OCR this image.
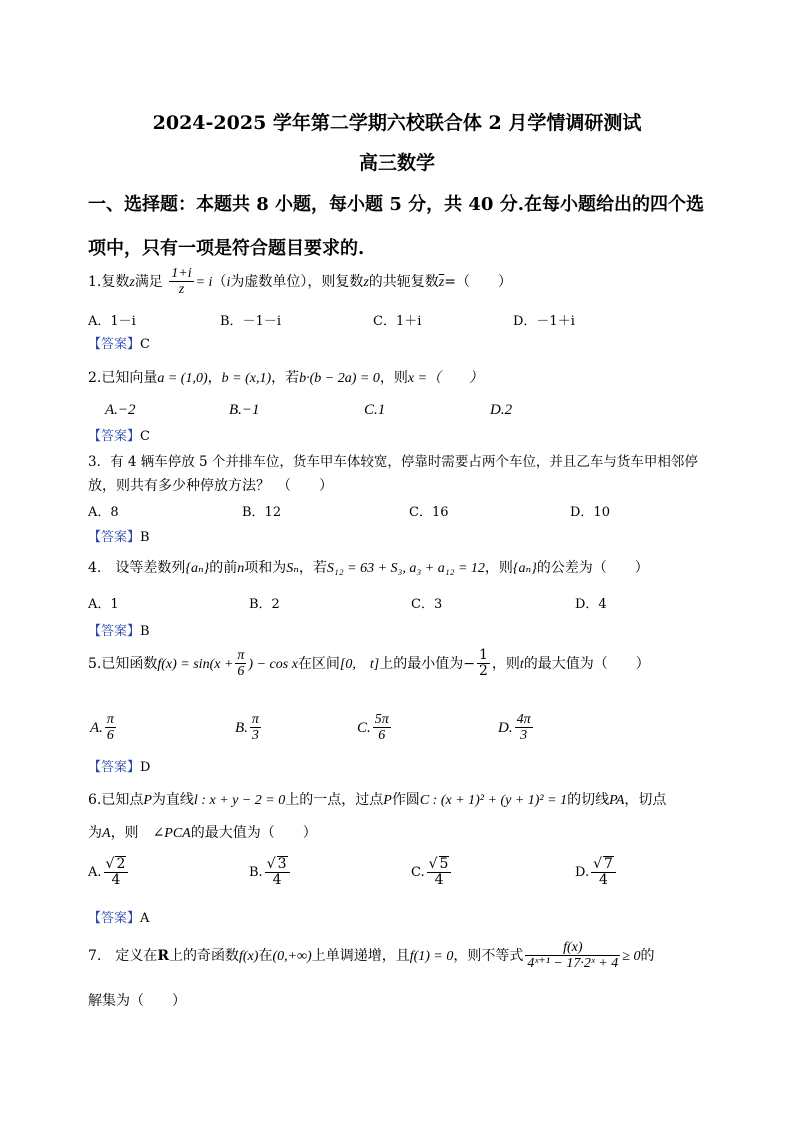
2024-2025 学年第二学期六校联合体 2 月学情调研测试
高三数学
一、选择题：本题共 8 小题，每小题 5 分，共 40 分.在每小题给出的四个选
项中，只有一项是符合题目要求的.
1.复数z满足 $\frac{1+i}{z} = i(i$为虚数单位），则复数z的共轭复数$\overline{z}=$（　　）
A．1－i	B．－1－i	C．1＋i	D．－1＋i
【答案】C
2.已知向量a = (1,0)，b = (x,1)，若b·(b − 2a) = 0，则x =（　　）
A.−2	B.−1	C.1	D.2
【答案】C
3．有 4 辆车停放 5 个并排车位，货车甲车体较宽，停靠时需要占两个车位，并且乙车与货车甲相邻停
放，则共有多少种停放方法？　（　　）
A．8	B．12	C．16	D．10
【答案】B
4.　设等差数列{aₙ}的前n项和为Sₙ，若S₁₂ = 63 + S₃, a₃ + a₁₂ = 12，则{aₙ}的公差为（　　）
A．1	B．2	C．3	D．4
【答案】B
5.已知函数$f(x) = \sin(x + \frac{\pi}{6}$ ) − cos x在区间[0,　t]上的最小值为− $\frac{1}{2}$ ，则t的最大值为（　　）
A. $\frac{\pi}{6}$	B. $\frac{\pi}{3}$	C. $\frac{5\pi}{6}$	D. $\frac{4\pi}{3}$
【答案】D
6.已知点P为直线l : x + y − 2 = 0上的一点，过点P作圆C : (x + 1)² + (y + 1)² = 1的切线PA，切点
为A，则　∠PCA的最大值为（　　）
A. $\frac{√ 2}{4}$	B. $\frac{√ 3}{4}$	C. $\frac{√ 5}{4}$	D. $\frac{√ 7}{4}$
【答案】A
7.　定义在R上的奇函数f(x)在(0,+∞)上单调递增，且f(1) = 0，则不等式 $\frac{f(x)}{\text{4ˣ⁺¹ − 17·2ˣ + 4}} \ge 0$的
解集为（　　）
